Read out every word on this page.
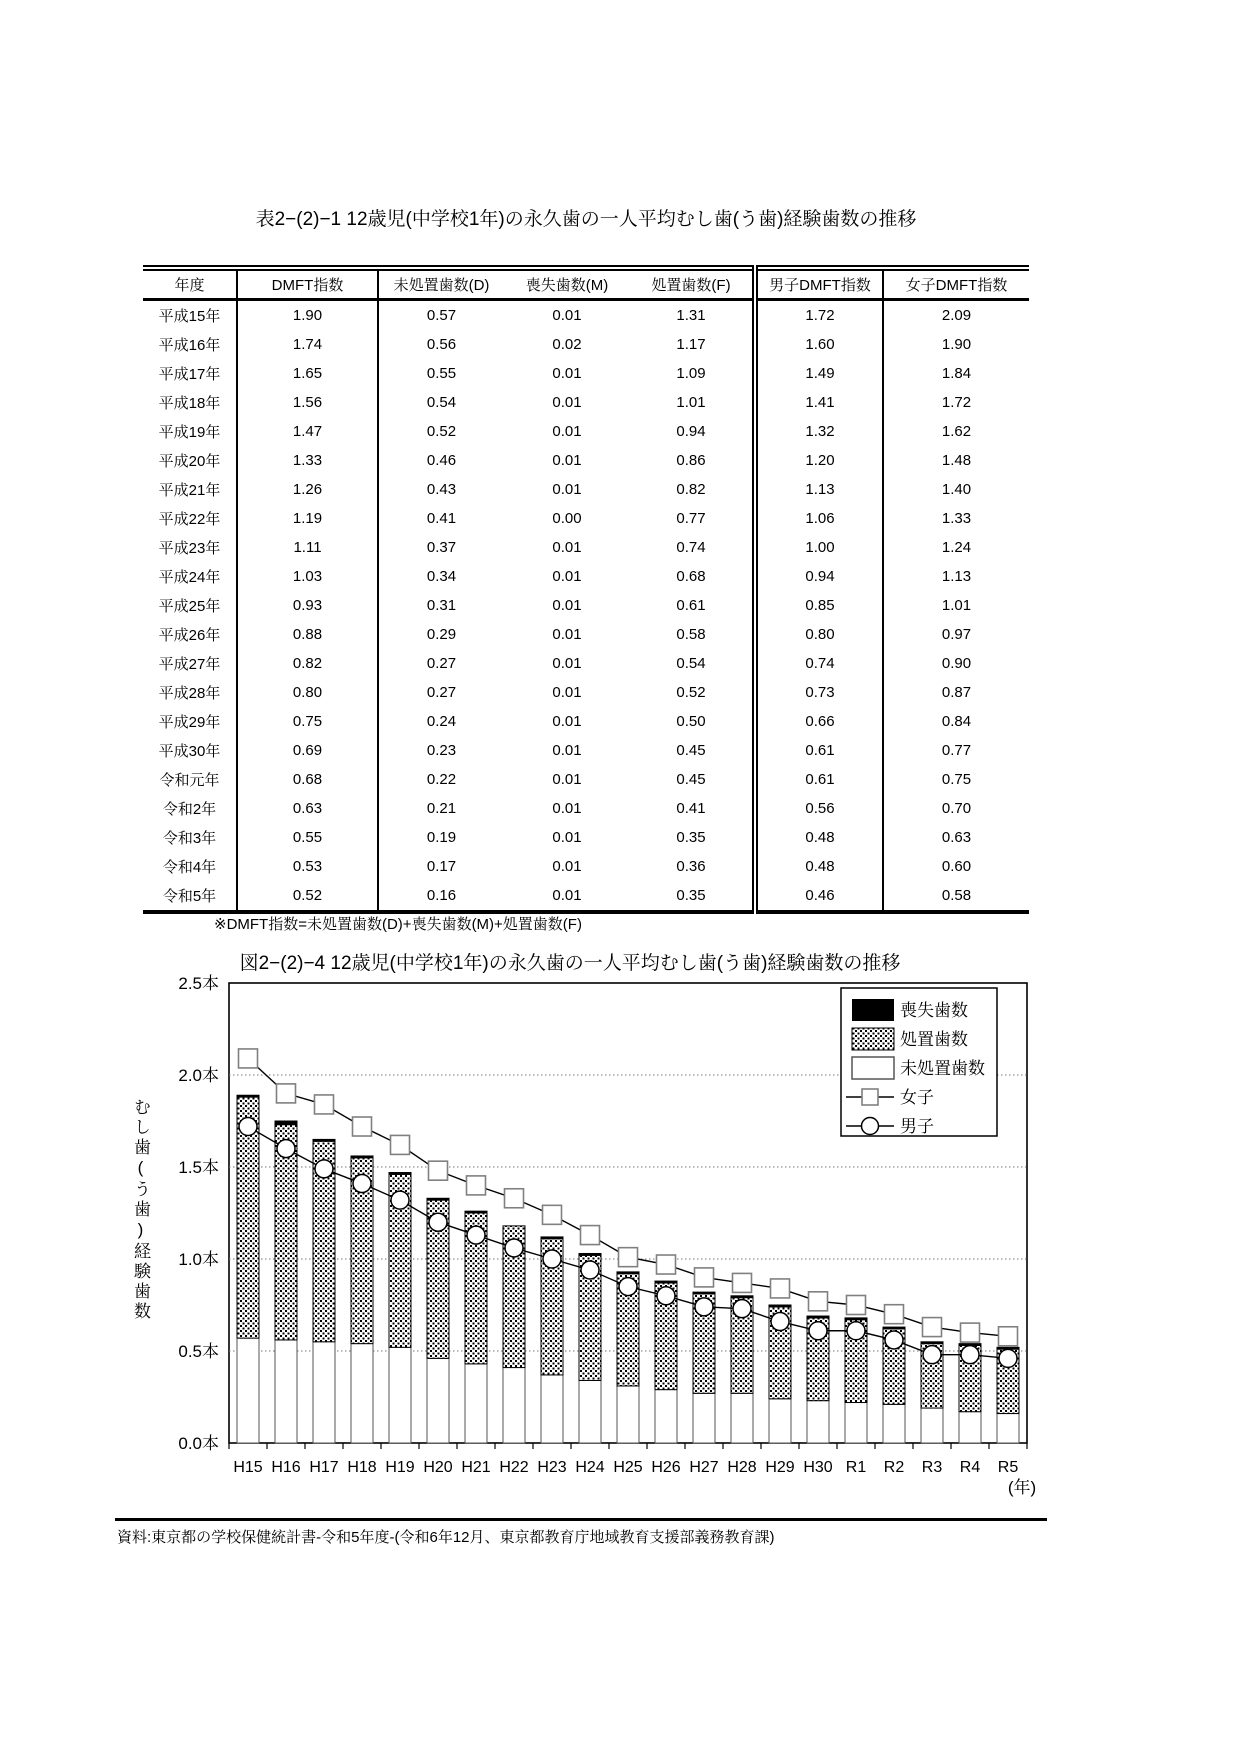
表2−(2)−1 12歳児(中学校1年)の永久歯の一人平均むし歯(う歯)経験歯数の推移
年度	DMFT指数	未処置歯数(D)	喪失歯数(M)	処置歯数(F)	男子DMFT指数	女子DMFT指数
平成15年	1.90	0.57	0.01	1.31	1.72	2.09
平成16年	1.74	0.56	0.02	1.17	1.60	1.90
平成17年	1.65	0.55	0.01	1.09	1.49	1.84
平成18年	1.56	0.54	0.01	1.01	1.41	1.72
平成19年	1.47	0.52	0.01	0.94	1.32	1.62
平成20年	1.33	0.46	0.01	0.86	1.20	1.48
平成21年	1.26	0.43	0.01	0.82	1.13	1.40
平成22年	1.19	0.41	0.00	0.77	1.06	1.33
平成23年	1.11	0.37	0.01	0.74	1.00	1.24
平成24年	1.03	0.34	0.01	0.68	0.94	1.13
平成25年	0.93	0.31	0.01	0.61	0.85	1.01
平成26年	0.88	0.29	0.01	0.58	0.80	0.97
平成27年	0.82	0.27	0.01	0.54	0.74	0.90
平成28年	0.80	0.27	0.01	0.52	0.73	0.87
平成29年	0.75	0.24	0.01	0.50	0.66	0.84
平成30年	0.69	0.23	0.01	0.45	0.61	0.77
令和元年	0.68	0.22	0.01	0.45	0.61	0.75
令和2年	0.63	0.21	0.01	0.41	0.56	0.70
令和3年	0.55	0.19	0.01	0.35	0.48	0.63
令和4年	0.53	0.17	0.01	0.36	0.48	0.60
令和5年	0.52	0.16	0.01	0.35	0.46	0.58
※DMFT指数=未処置歯数(D)+喪失歯数(M)+処置歯数(F)
図2−(2)−4 12歳児(中学校1年)の永久歯の一人平均むし歯(う歯)経験歯数の推移
むし歯(う歯)経験歯数
2.5本
2.0本
1.5本
1.0本
0.5本
0.0本
H15 H16 H17 H18 H19 H20 H21 H22 H23 H24 H25 H26 H27 H28 H29 H30 R1 R2 R3 R4 R5
喪失歯数
処置歯数
未処置歯数
女子
男子
(年)
資料:東京都の学校保健統計書-令和5年度-(令和6年12月、東京都教育庁地域教育支援部義務教育課)
